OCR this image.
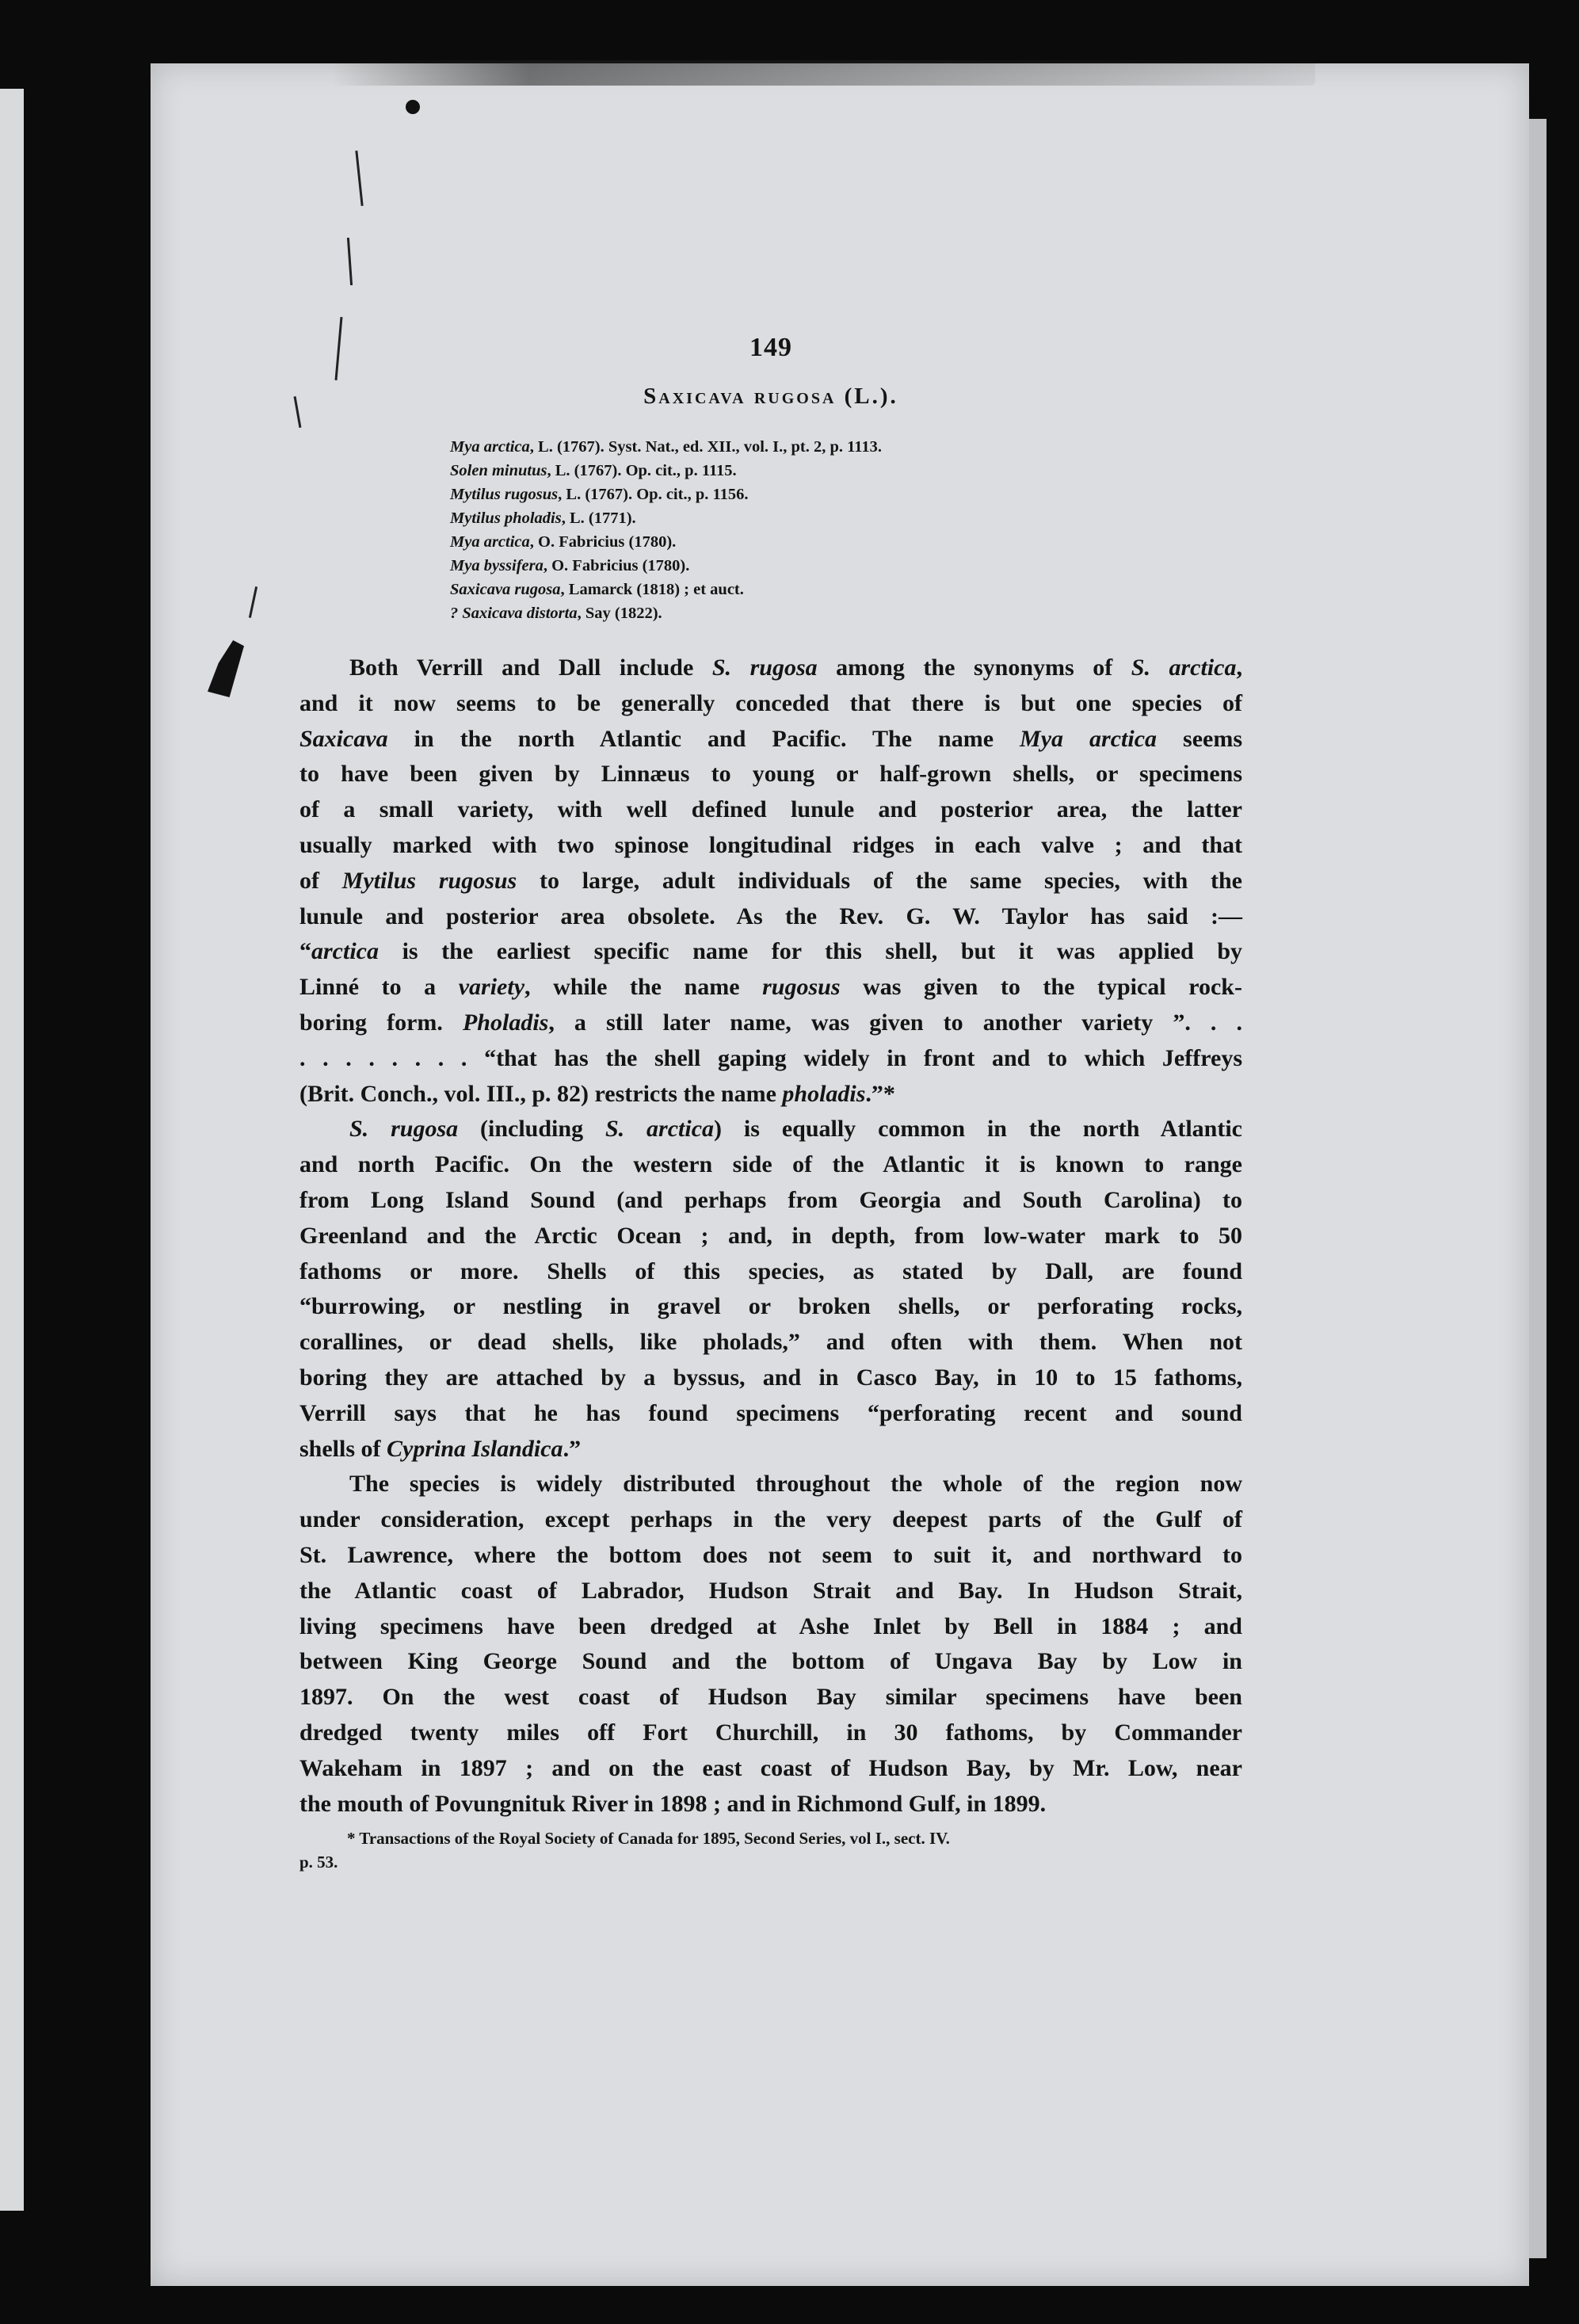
149
Saxicava rugosa (L.).
Mya arctica, L. (1767). Syst. Nat., ed. XII., vol. I., pt. 2, p. 1113.
Solen minutus, L. (1767). Op. cit., p. 1115.
Mytilus rugosus, L. (1767). Op. cit., p. 1156.
Mytilus pholadis, L. (1771).
Mya arctica, O. Fabricius (1780).
Mya byssifera, O. Fabricius (1780).
Saxicava rugosa, Lamarck (1818) ; et auct.
? Saxicava distorta, Say (1822).
Both Verrill and Dall include S. rugosa among the synonyms of S. arctica,
and it now seems to be generally conceded that there is but one species of
Saxicava in the north Atlantic and Pacific. The name Mya arctica seems
to have been given by Linnæus to young or half-grown shells, or specimens
of a small variety, with well defined lunule and posterior area, the latter
usually marked with two spinose longitudinal ridges in each valve ; and that
of Mytilus rugosus to large, adult individuals of the same species, with the
lunule and posterior area obsolete. As the Rev. G. W. Taylor has said :—
“arctica is the earliest specific name for this shell, but it was applied by
Linné to a variety, while the name rugosus was given to the typical rock-
boring form. Pholadis, a still later name, was given to another variety ”. . .
. . . . . . . . “that has the shell gaping widely in front and to which Jeffreys
(Brit. Conch., vol. III., p. 82) restricts the name pholadis.”*
S. rugosa (including S. arctica) is equally common in the north Atlantic
and north Pacific. On the western side of the Atlantic it is known to range
from Long Island Sound (and perhaps from Georgia and South Carolina) to
Greenland and the Arctic Ocean ; and, in depth, from low-water mark to 50
fathoms or more. Shells of this species, as stated by Dall, are found
“burrowing, or nestling in gravel or broken shells, or perforating rocks,
corallines, or dead shells, like pholads,” and often with them. When not
boring they are attached by a byssus, and in Casco Bay, in 10 to 15 fathoms,
Verrill says that he has found specimens “perforating recent and sound
shells of Cyprina Islandica.”
The species is widely distributed throughout the whole of the region now
under consideration, except perhaps in the very deepest parts of the Gulf of
St. Lawrence, where the bottom does not seem to suit it, and northward to
the Atlantic coast of Labrador, Hudson Strait and Bay. In Hudson Strait,
living specimens have been dredged at Ashe Inlet by Bell in 1884 ; and
between King George Sound and the bottom of Ungava Bay by Low in
1897. On the west coast of Hudson Bay similar specimens have been
dredged twenty miles off Fort Churchill, in 30 fathoms, by Commander
Wakeham in 1897 ; and on the east coast of Hudson Bay, by Mr. Low, near
the mouth of Povungnituk River in 1898 ; and in Richmond Gulf, in 1899.
* Transactions of the Royal Society of Canada for 1895, Second Series, vol I., sect. IV.
p. 53.
